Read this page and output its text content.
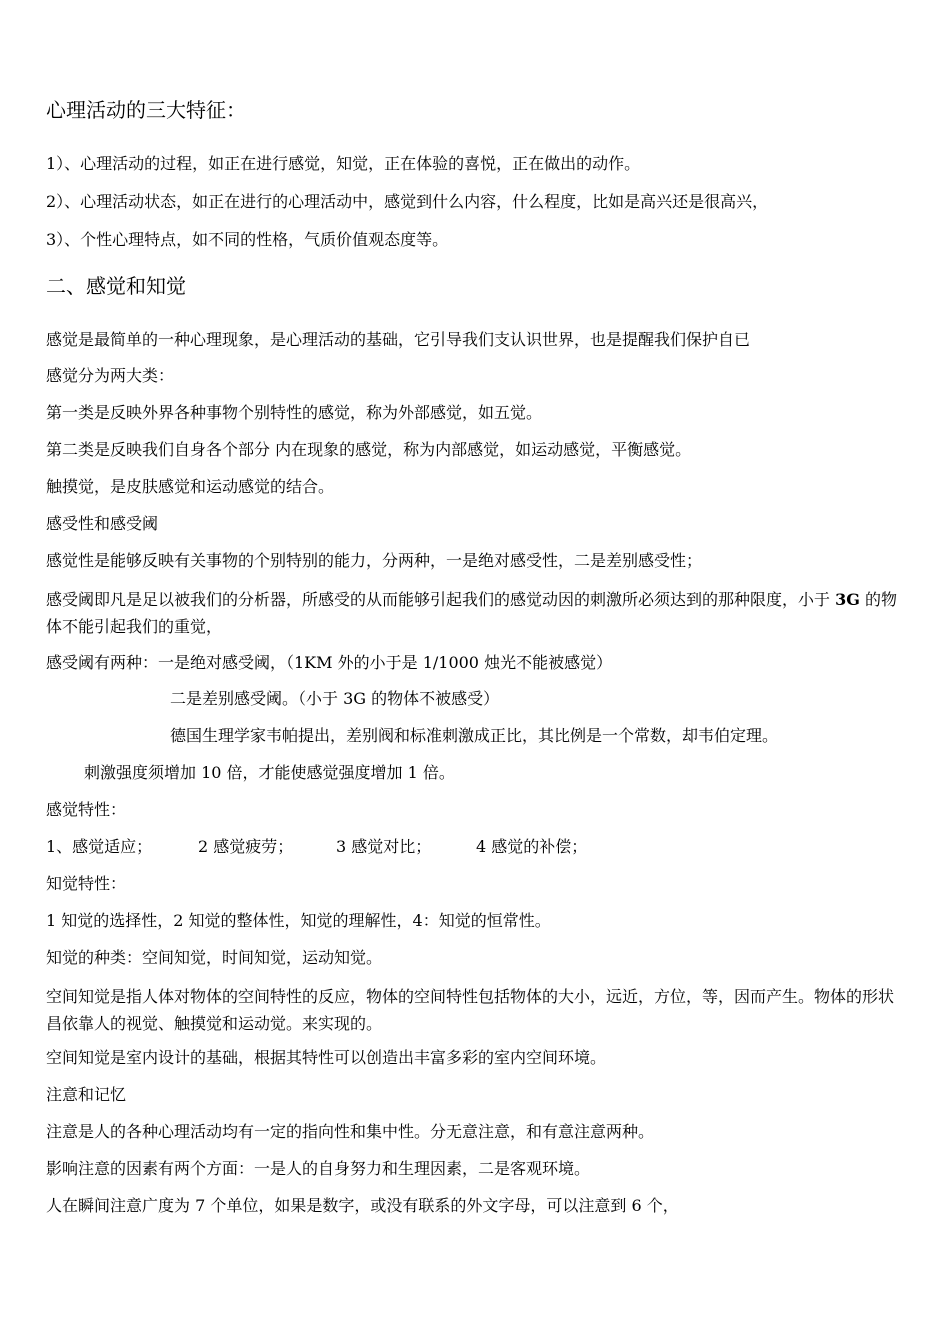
心理活动的三大特征：
1）、心理活动的过程，如正在进行感觉，知觉，正在体验的喜悦，正在做出的动作。
2）、心理活动状态，如正在进行的心理活动中，感觉到什么内容，什么程度，比如是高兴还是很高兴，
3）、个性心理特点，如不同的性格，气质价值观态度等。
二、感觉和知觉
感觉是最简单的一种心理现象，是心理活动的基础，它引导我们支认识世界，也是提醒我们保护自已
感觉分为两大类：
第一类是反映外界各种事物个别特性的感觉，称为外部感觉，如五觉。
第二类是反映我们自身各个部分 内在现象的感觉，称为内部感觉，如运动感觉，平衡感觉。
触摸觉，是皮肤感觉和运动感觉的结合。
感受性和感受阈
感觉性是能够反映有关事物的个别特别的能力，分两种，一是绝对感受性，二是差别感受性；
感受阈即凡是足以被我们的分析器，所感受的从而能够引起我们的感觉动因的刺激所必须达到的那种限度，小于 3G 的物体不能引起我们的重觉，
感受阈有两种：一是绝对感受阈，（1KM 外的小于是 1/1000 烛光不能被感觉）
二是差别感受阈。（小于 3G 的物体不被感受）
德国生理学家韦帕提出，差别阀和标准刺激成正比，其比例是一个常数，却韦伯定理。
刺激强度须增加 10 倍，才能使感觉强度增加 1 倍。
感觉特性：
1、感觉适应；	2 感觉疲劳；	3 感觉对比；	4 感觉的补偿；
知觉特性：
1 知觉的选择性，2 知觉的整体性，知觉的理解性，4：知觉的恒常性。
知觉的种类：空间知觉，时间知觉，运动知觉。
空间知觉是指人体对物体的空间特性的反应，物体的空间特性包括物体的大小，远近，方位，等，因而产生。物体的形状昌依靠人的视觉、触摸觉和运动觉。来实现的。
空间知觉是室内设计的基础，根据其特性可以创造出丰富多彩的室内空间环境。
注意和记忆
注意是人的各种心理活动均有一定的指向性和集中性。分无意注意，和有意注意两种。
影响注意的因素有两个方面：一是人的自身努力和生理因素，二是客观环境。
人在瞬间注意广度为 7 个单位，如果是数字，或没有联系的外文字母，可以注意到 6 个，
